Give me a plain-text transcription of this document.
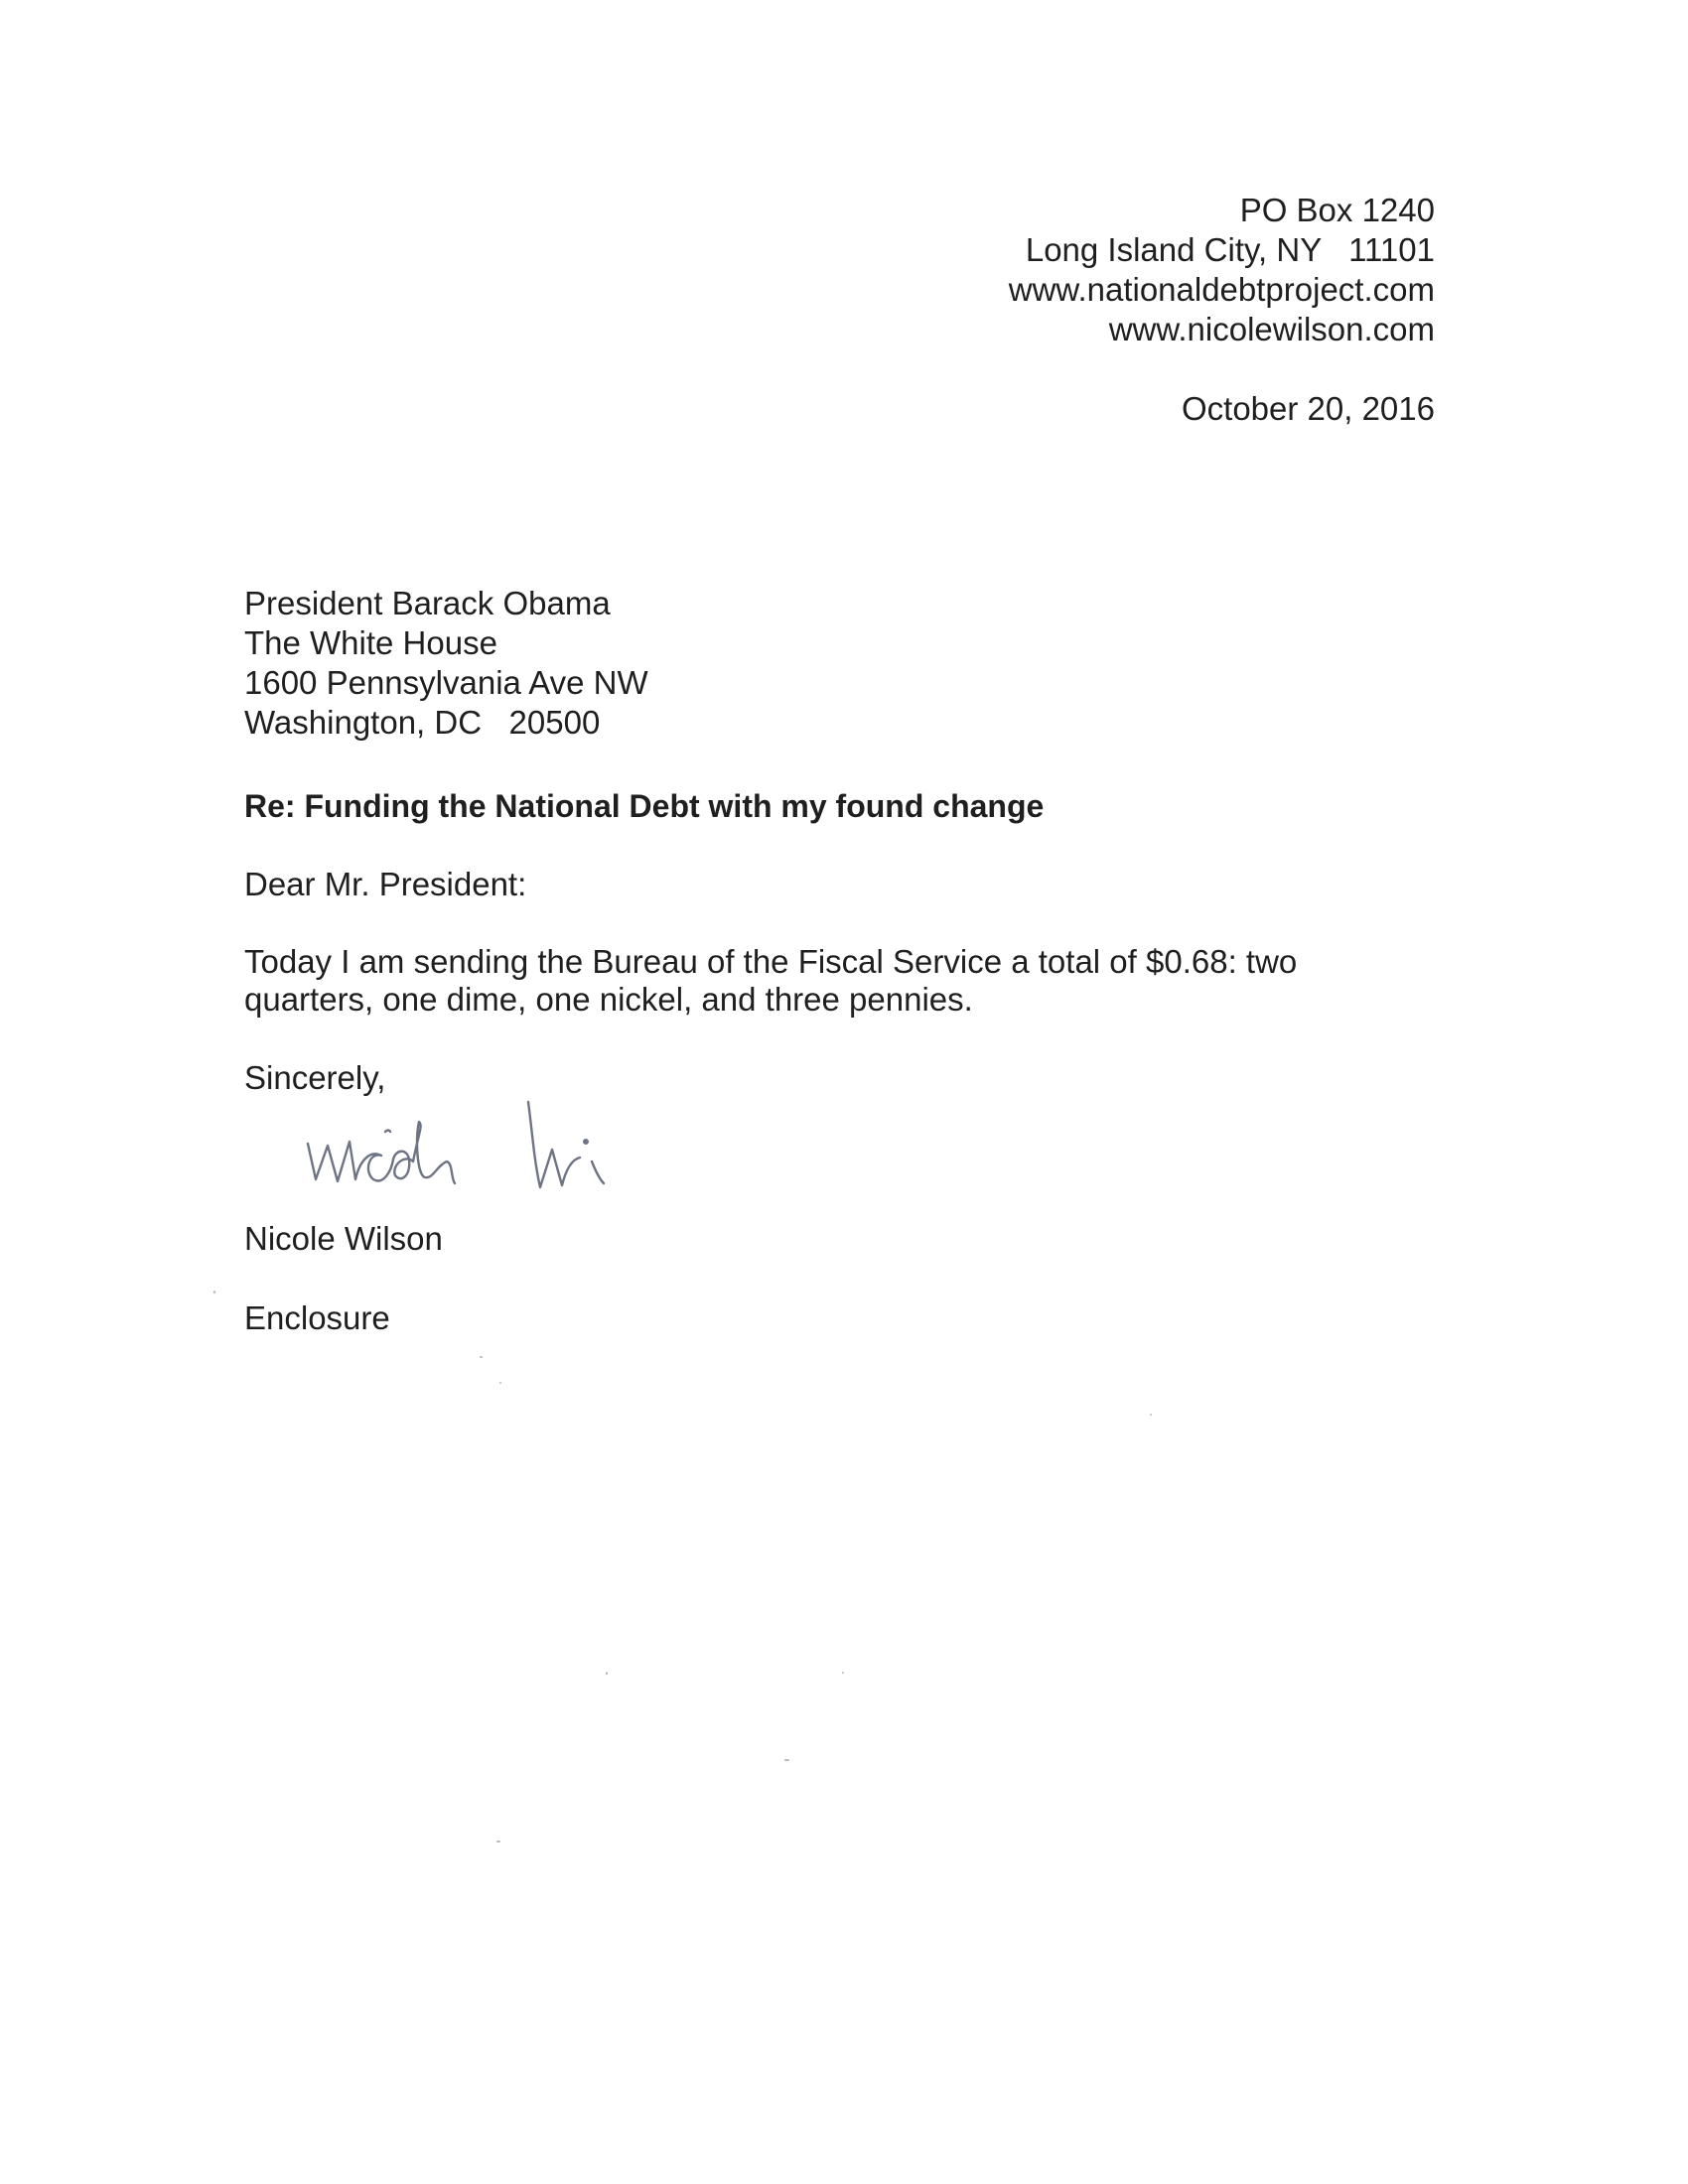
PO Box 1240
Long Island City, NY   11101
www.nationaldebtproject.com
www.nicolewilson.com
October 20, 2016
President Barack Obama
The White House
1600 Pennsylvania Ave NW
Washington, DC   20500
Re: Funding the National Debt with my found change
Dear Mr. President:
Today I am sending the Bureau of the Fiscal Service a total of $0.68: two quarters, one dime, one nickel, and three pennies.
Sincerely,
Nicole Wilson
Enclosure
